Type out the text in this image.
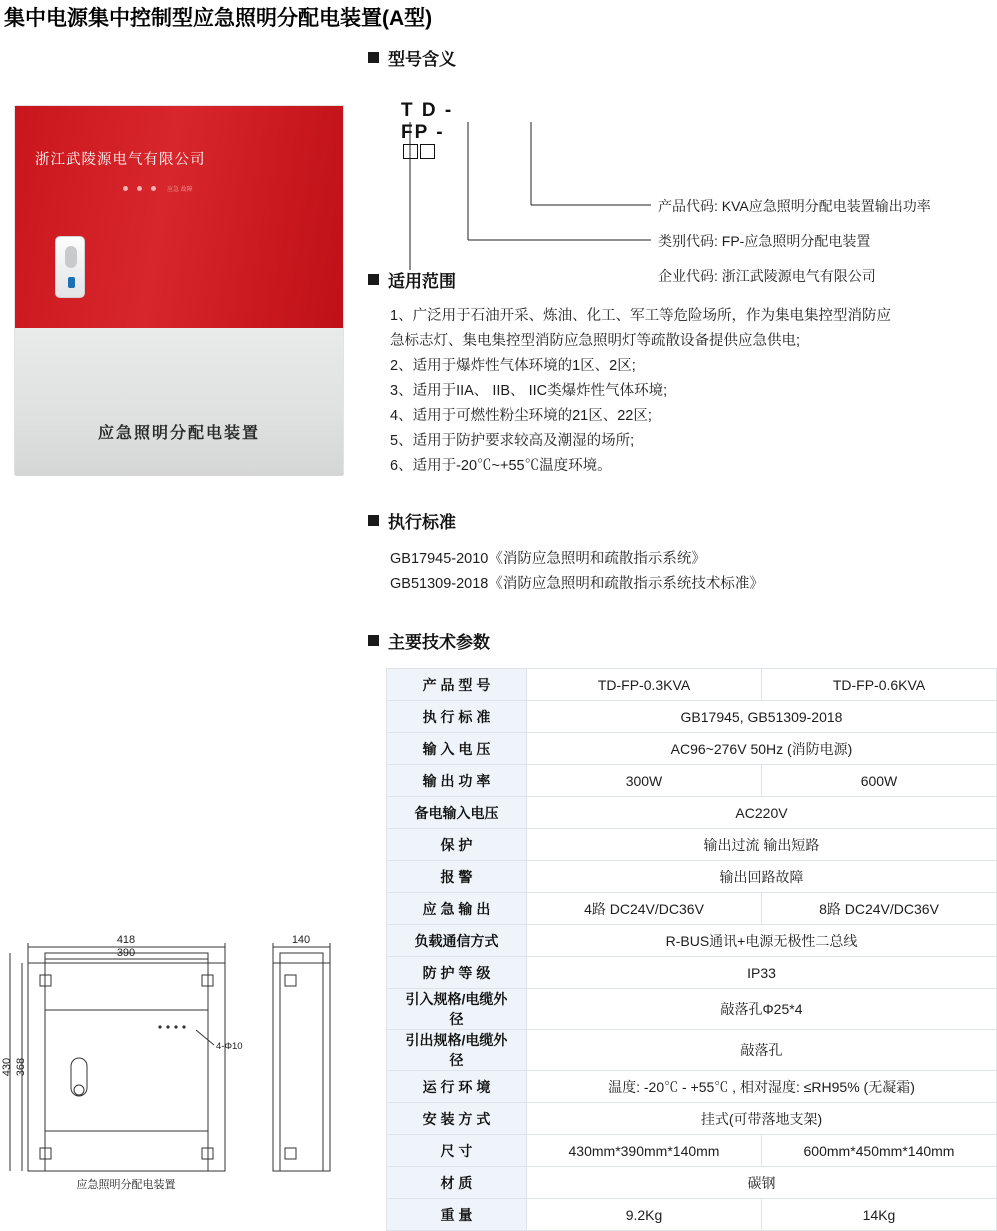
集中电源集中控制型应急照明分配电装置(A型)
浙江武陵源电气有限公司
应急 故障
应急照明分配电装置
418
390
140
430 368
4-Φ10
应急照明分配电装置
型号含义
T D - FP -
产品代码: KVA应急照明分配电装置输出功率
类别代码: FP-应急照明分配电装置
企业代码: 浙江武陵源电气有限公司
适用范围
1、广泛用于石油开采、炼油、化工、军工等危险场所，作为集电集控型消防应
急标志灯、集电集控型消防应急照明灯等疏散设备提供应急供电;
2、适用于爆炸性气体环境的1区、2区;
3、适用于IIA、 IIB、 IIC类爆炸性气体环境;
4、适用于可燃性粉尘环境的21区、22区;
5、适用于防护要求较高及潮湿的场所;
6、适用于-20℃~+55℃温度环境。
执行标准
GB17945-2010《消防应急照明和疏散指示系统》
GB51309-2018《消防应急照明和疏散指示系统技术标准》
主要技术参数
产 品 型 号	TD-FP-0.3KVA	TD-FP-0.6KVA
执 行 标 准	GB17945, GB51309-2018	
输 入 电 压	AC96~276V 50Hz (消防电源)	
输 出 功 率	300W	600W
备电输入电压	AC220V	
保 护	输出过流 输出短路	
报 警	输出回路故障	
应 急 输 出	4路 DC24V/DC36V	8路 DC24V/DC36V
负载通信方式	R-BUS通讯+电源无极性二总线	
防 护 等 级	IP33	
引入规格/电缆外径	敲落孔Φ25*4	
引出规格/电缆外径	敲落孔	
运 行 环 境	温度: -20℃ - +55℃ , 相对湿度: ≤RH95% (无凝霜)	
安 装 方 式	挂式(可带落地支架)	
尺 寸	430mm*390mm*140mm	600mm*450mm*140mm
材 质	碳钢	
重 量	9.2Kg	14Kg
